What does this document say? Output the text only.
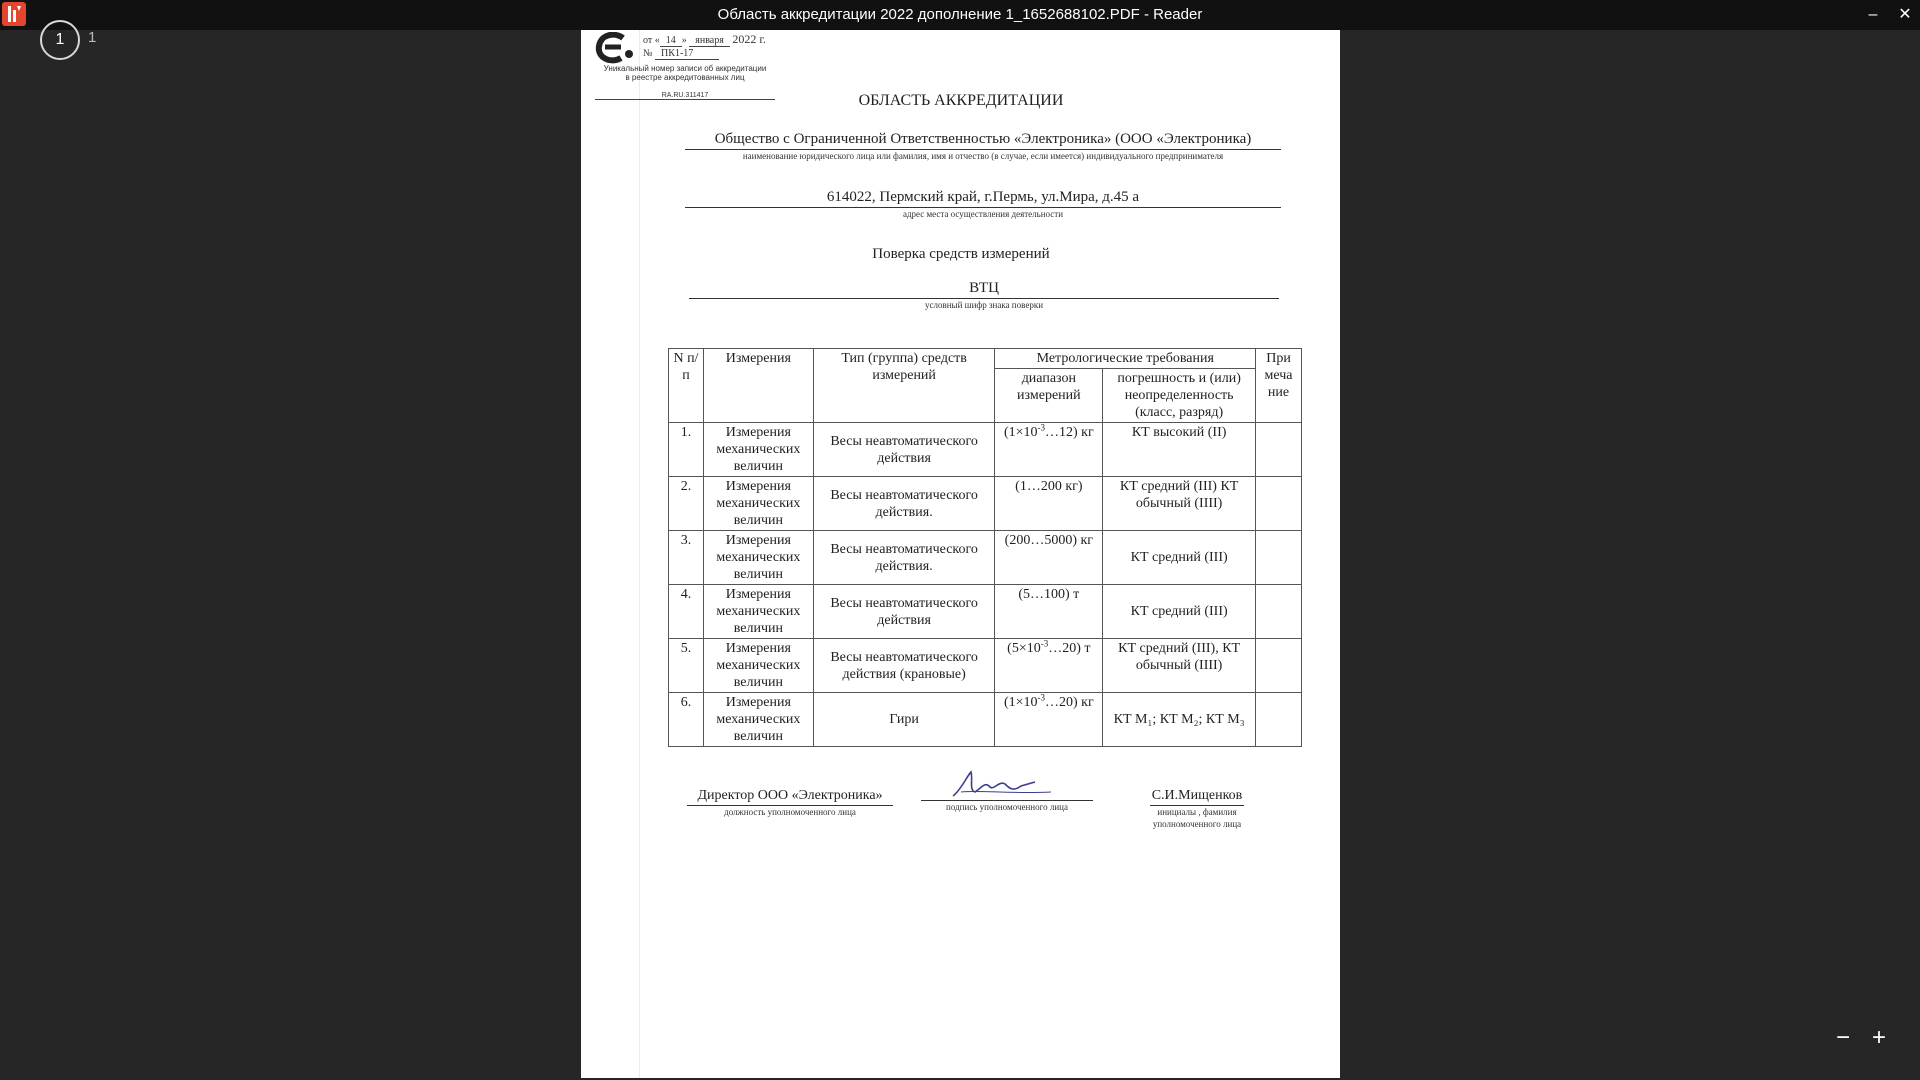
Область аккредитации 2022 дополнение 1_1652688102.PDF - Reader	–	✕
1	1
− +
от « 14 » января 2022 г.
№ ПК1-17
Уникальный номер записи об аккредитации
в реестре аккредитованных лиц
RA.RU.311417	ОБЛАСТЬ АККРЕДИТАЦИИ
Общество с Ограниченной Ответственностью «Электроника» (ООО «Электроника)
наименование юридического лица или фамилия, имя и отчество (в случае, если имеется) индивидуального предпринимателя
614022, Пермский край, г.Пермь, ул.Мира, д.45 а
адрес места осуществления деятельности
Поверка средств измерений
ВТЦ
условный шифр знака поверки
N п/п	Измерения	Тип (группа) средств измерений	Метрологические требования		При меча ние
			диапазон измерений	погрешность и (или) неопределенность (класс, разряд)	
1.	Измерения механических величин	Весы неавтоматического действия	$(1\times 10^{-3}\dots 12)$ кг	КТ высокий (II)	
2.	Измерения механических величин	Весы неавтоматического действия.	(1…200 кг)	КТ средний (III) КТ обычный (IIII)	
3.	Измерения механических величин	Весы неавтоматического действия.	(200…5000) кг	КТ средний (III)	
4.	Измерения механических величин	Весы неавтоматического действия	(5…100) т	КТ средний (III)	
5.	Измерения механических величин	Весы неавтоматического действия (крановые)	$(5\times 10^{-3}\dots 20)$ т	КТ средний (III), КТ обычный (IIII)	
6.	Измерения механических величин	Гири	$(1\times 10^{-3}\dots 20)$ кг	КТ M₁; КТ M₂; КТ M₃	
Директор ООО «Электроника»
должность уполномоченного лица	подпись уполномоченного лица
С.И.Мищенков
инициалы , фамилия
уполномоченного лица
